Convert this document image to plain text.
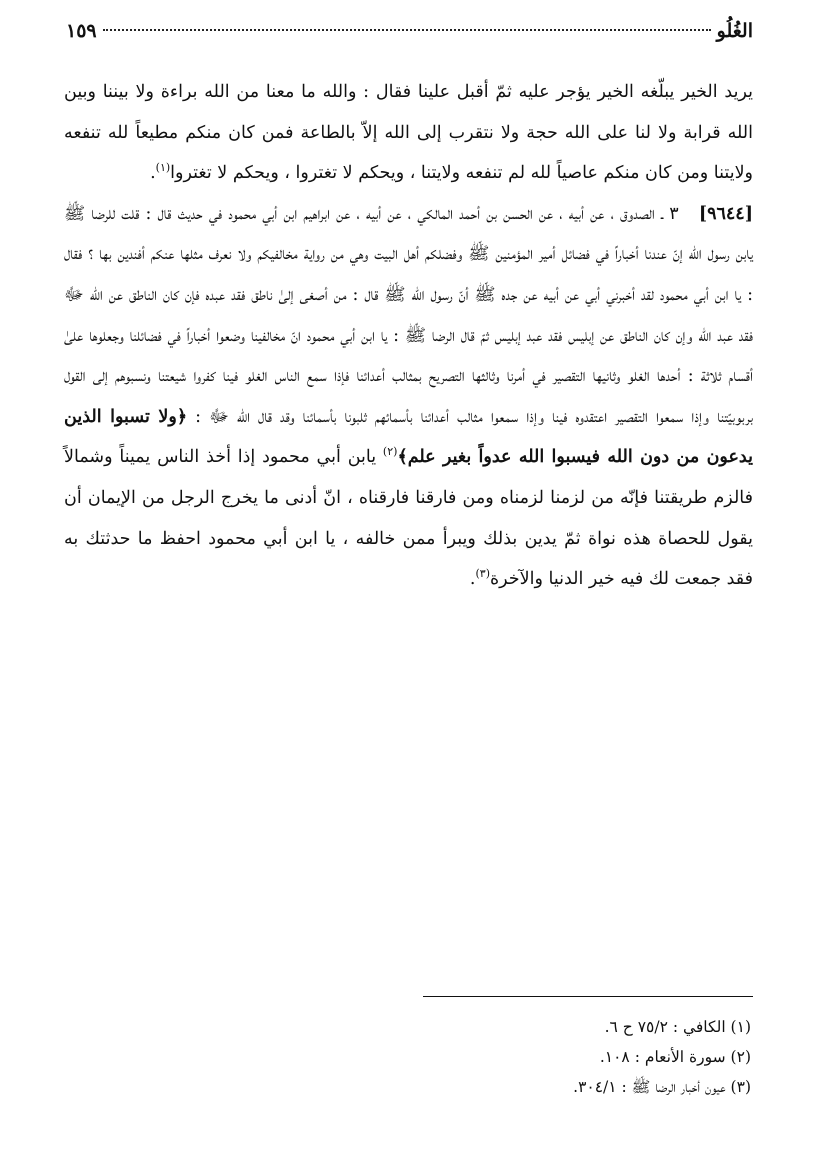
الغُلُو
١٥٩

يريد الخير يبلّغه الخير يؤجر عليه ثمّ أقبل علينا فقال : والله ما معنا من الله براءة ولا بيننا وبين الله قرابة ولا لنا على الله حجة ولا نتقرب إلى الله إلاّ بالطاعة فمن كان منكم مطيعاً لله تنفعه ولايتنا ومن كان منكم عاصياً لله لم تنفعه ولايتنا ، ويحكم لا تغتروا ، ويحكم لا تغتروا$^{(١)}$.

[٩٦٤٤] ٣ ـ الصدوق ، عن أبيه ، عن الحسن بن أحمد المالكي ، عن أبيه ، عن ابراهيم ابن أبي محمود في حديث قال : قلت للرضا ﷺ يابن رسول الله إنّ عندنا أخباراً في فضائل أمير المؤمنين ﷺ وفضلكم أهل البيت وهي من رواية مخالفيكم ولا نعرف مثلها عنكم أفندين بها ؟ فقال : يا ابن أبي محمود لقد أخبرني أبي عن أبيه عن جده ﷺ أنّ رسول الله ﷺ قال : من أصغى إلىٰ ناطق فقد عبده فإن كان الناطق عن الله ﷻ فقد عبد الله وإن كان الناطق عن إبليس فقد عبد إبليس ثمّ قال الرضا ﷺ : يا ابن أبي محمود انّ مخالفينا وضعوا أخباراً في فضائلنا وجعلوها علىٰ أقسام ثلاثة : أحدها الغلو وثانيها التقصير في أمرنا وثالثها التصريح بمثالب أعدائنا فإذا سمع الناس الغلو فينا كفروا شيعتنا ونسبوهم إلى القول بربوبيّتنا وإذا سمعوا التقصير اعتقدوه فينا وإذا سمعوا مثالب أعدائنا بأسمائهم ثلبونا بأسمائنا وقد قال الله ﷻ : ﴿ولا تسبوا الذين يدعون من دون الله فيسبوا الله عدواً بغير علم﴾$^{(٢)}$ يابن أبي محمود إذا أخذ الناس يميناً وشمالاً فالزم طريقتنا فإنّه من لزمنا لزمناه ومن فارقنا فارقناه ، انّ أدنى ما يخرج الرجل من الإيمان أن يقول للحصاة هذه نواة ثمّ يدين بذلك ويبرأ ممن خالفه ، يا ابن أبي محمود احفظ ما حدثتك به فقد جمعت لك فيه خير الدنيا والآخرة$^{(٣)}$.

(١) الكافي : ٧٥/٢ ح ٦.
(٢) سورة الأنعام : ١٠٨.
(٣) عيون أخبار الرضا ﷺ : ٣٠٤/١.
